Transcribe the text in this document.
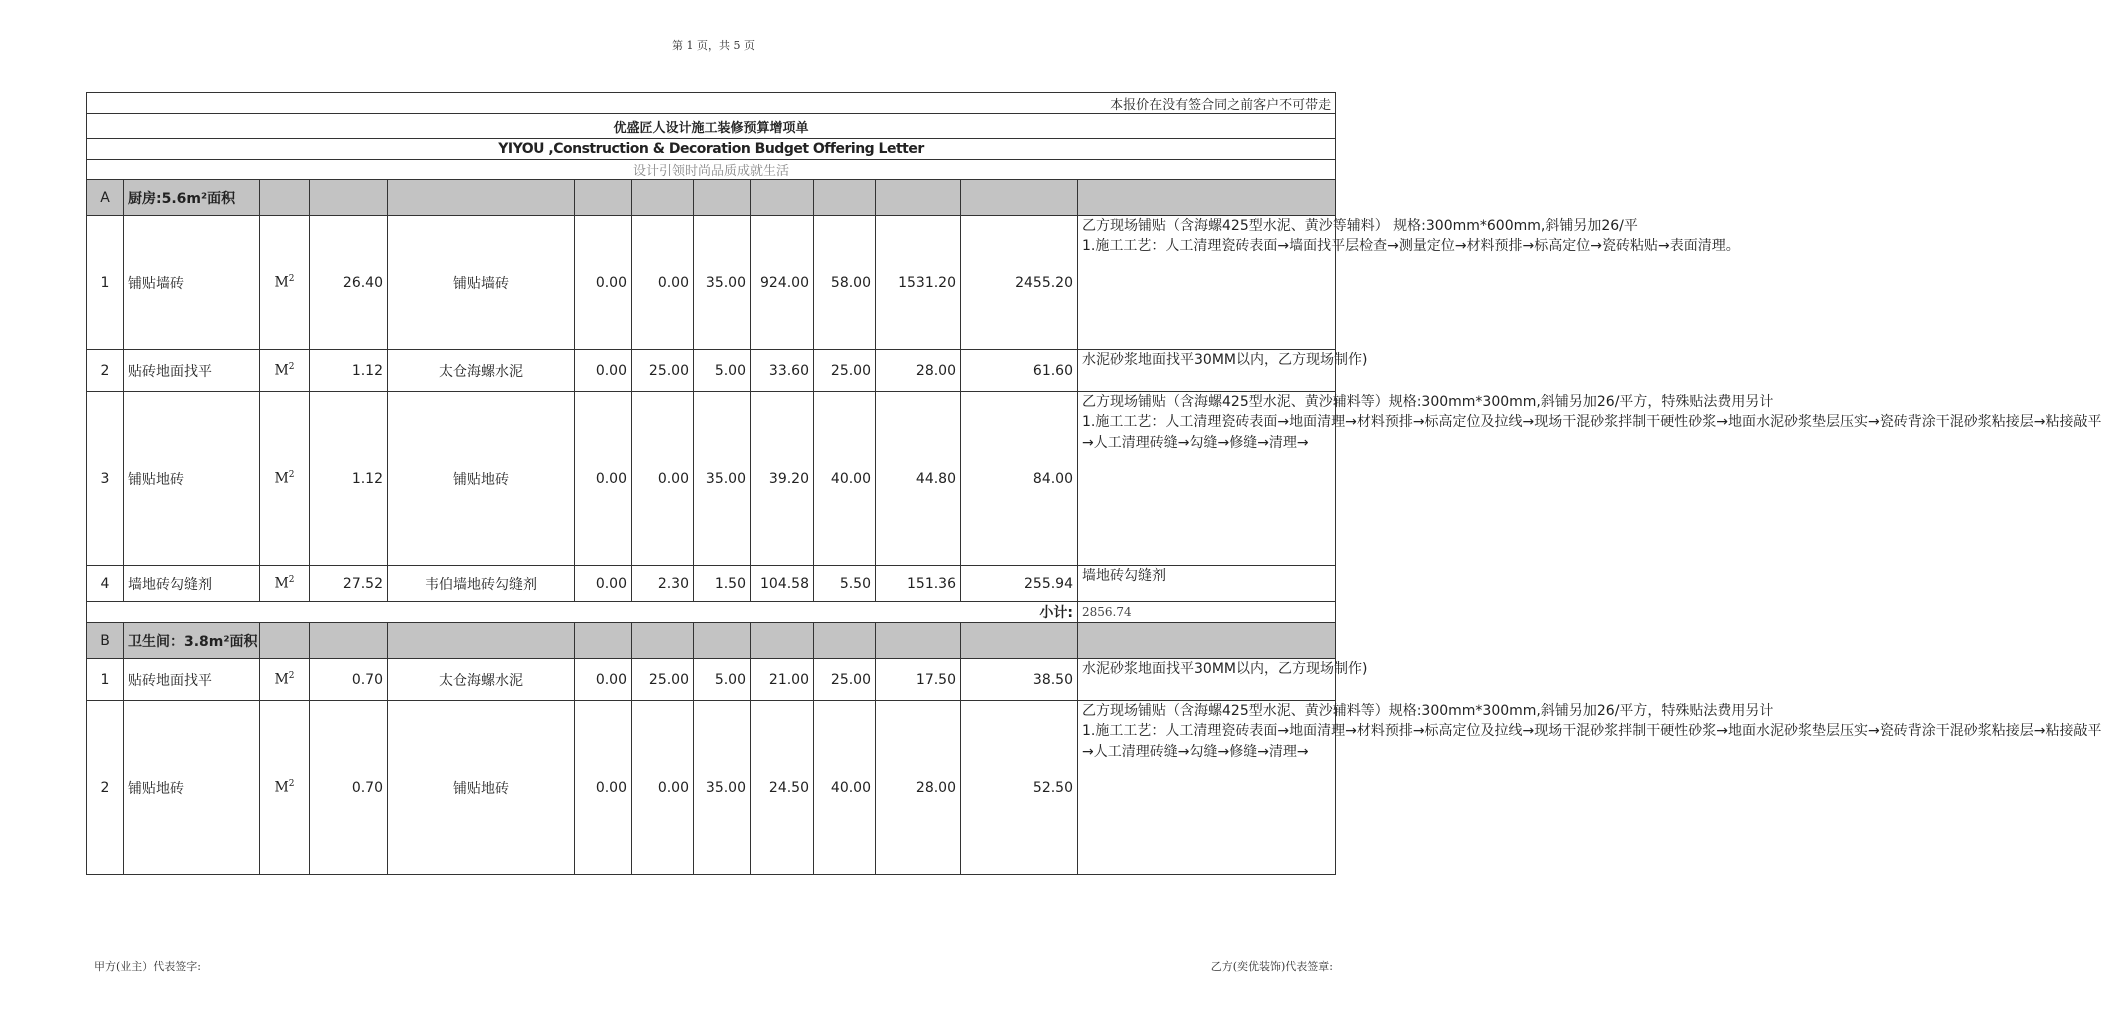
第 1 页，共 5 页
本报价在没有签合同之前客户不可带走												
优盛匠人设计施工装修预算增项单												
YIYOU ,Construction & Decoration Budget Offering Letter												
设计引领时尚品质成就生活												
A	厨房:5.6m²面积											
1	铺贴墙砖	$M^2$	26.40	铺贴墙砖	0.00	0.00	35.00	924.00	58.00	1531.20	2455.20	乙方现场铺贴（含海螺425型水泥、黄沙等辅料） 规格:300mm*600mm,斜铺另加26/平
1.施工工艺：人工清理瓷砖表面→墙面找平层检查→测量定位→材料预排→标高定位→瓷砖粘贴→表面清理。

2	贴砖地面找平	$M^2$	1.12	太仓海螺水泥	0.00	25.00	5.00	33.60	25.00	28.00	61.60	水泥砂浆地面找平30MM以内，乙方现场制作)

3	铺贴地砖	$M^2$	1.12	铺贴地砖	0.00	0.00	35.00	39.20	40.00	44.80	84.00	乙方现场铺贴（含海螺425型水泥、黄沙辅料等）规格:300mm*300mm,斜铺另加26/平方，特殊贴法费用另计
1.施工工艺：人工清理瓷砖表面→地面清理→材料预排→标高定位及拉线→现场干混砂浆拌制干硬性砂浆→地面水泥砂浆垫层压实→瓷砖背涂干混砂浆粘接层→粘接敲平
→人工清理砖缝→勾缝→修缝→清理→

4	墙地砖勾缝剂	$M^2$	27.52	韦伯墙地砖勾缝剂	0.00	2.30	1.50	104.58	5.50	151.36	255.94	墙地砖勾缝剂

小计:												2856.74
B	卫生间：3.8m²面积											
1	贴砖地面找平	$M^2$	0.70	太仓海螺水泥	0.00	25.00	5.00	21.00	25.00	17.50	38.50	水泥砂浆地面找平30MM以内，乙方现场制作)

2	铺贴地砖	$M^2$	0.70	铺贴地砖	0.00	0.00	35.00	24.50	40.00	28.00	52.50	乙方现场铺贴（含海螺425型水泥、黄沙辅料等）规格:300mm*300mm,斜铺另加26/平方，特殊贴法费用另计
1.施工工艺：人工清理瓷砖表面→地面清理→材料预排→标高定位及拉线→现场干混砂浆拌制干硬性砂浆→地面水泥砂浆垫层压实→瓷砖背涂干混砂浆粘接层→粘接敲平
→人工清理砖缝→勾缝→修缝→清理→
甲方(业主）代表签字:	乙方(奕优装饰)代表签章:
